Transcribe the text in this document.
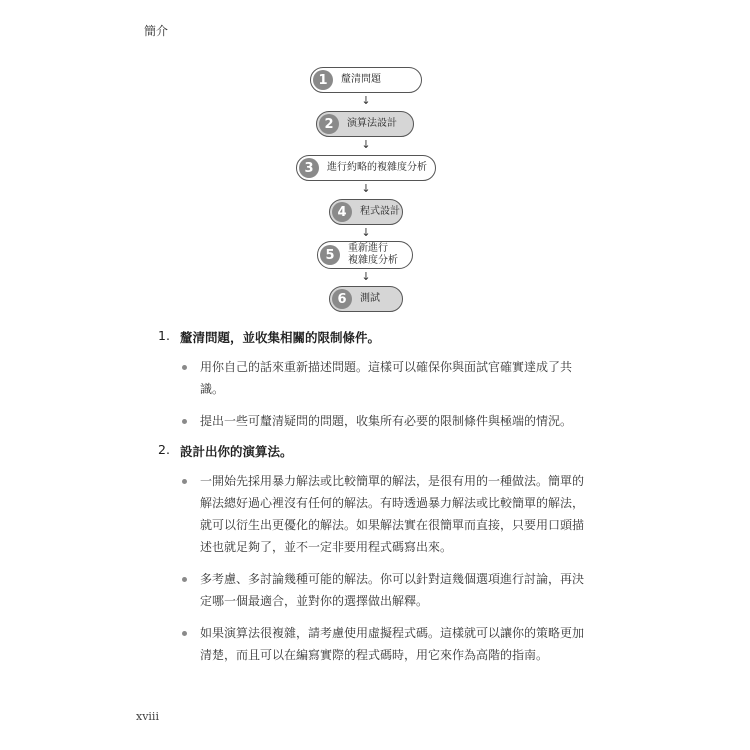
簡介
1	釐清問題
↓
2	演算法設計
↓
3	進行約略的複雜度分析
↓
4	程式設計
↓
5	重新進行
複雜度分析
↓
6	測試
1. 釐清問題，並收集相關的限制條件。
用你自己的話來重新描述問題。這樣可以確保你與面試官確實達成了共識。
提出一些可釐清疑問的問題，收集所有必要的限制條件與極端的情況。
2. 設計出你的演算法。
一開始先採用暴力解法或比較簡單的解法，是很有用的一種做法。簡單的解法總好過心裡沒有任何的解法。有時透過暴力解法或比較簡單的解法，就可以衍生出更優化的解法。如果解法實在很簡單而直接，只要用口頭描述也就足夠了，並不一定非要用程式碼寫出來。
多考慮、多討論幾種可能的解法。你可以針對這幾個選項進行討論，再決定哪一個最適合，並對你的選擇做出解釋。
如果演算法很複雜，請考慮使用虛擬程式碼。這樣就可以讓你的策略更加清楚，而且可以在編寫實際的程式碼時，用它來作為高階的指南。
xviii
